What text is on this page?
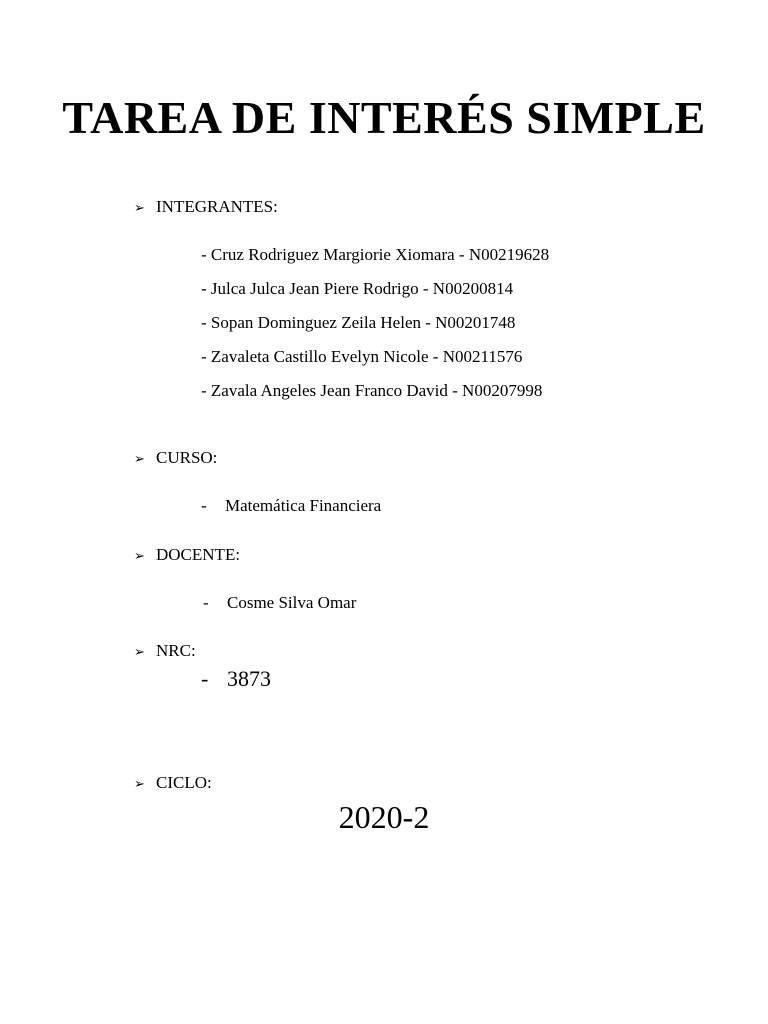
TAREA DE INTERÉS SIMPLE
➢ INTEGRANTES:
- Cruz Rodriguez Margiorie Xiomara - N00219628
- Julca Julca Jean Piere Rodrigo - N00200814
- Sopan Dominguez Zeila Helen - N00201748
- Zavaleta Castillo Evelyn Nicole - N00211576
- Zavala Angeles Jean Franco David - N00207998
➢ CURSO:
- Matemática Financiera
➢ DOCENTE:
- Cosme Silva Omar
➢ NRC:
- 3873
➢ CICLO:
2020-2
